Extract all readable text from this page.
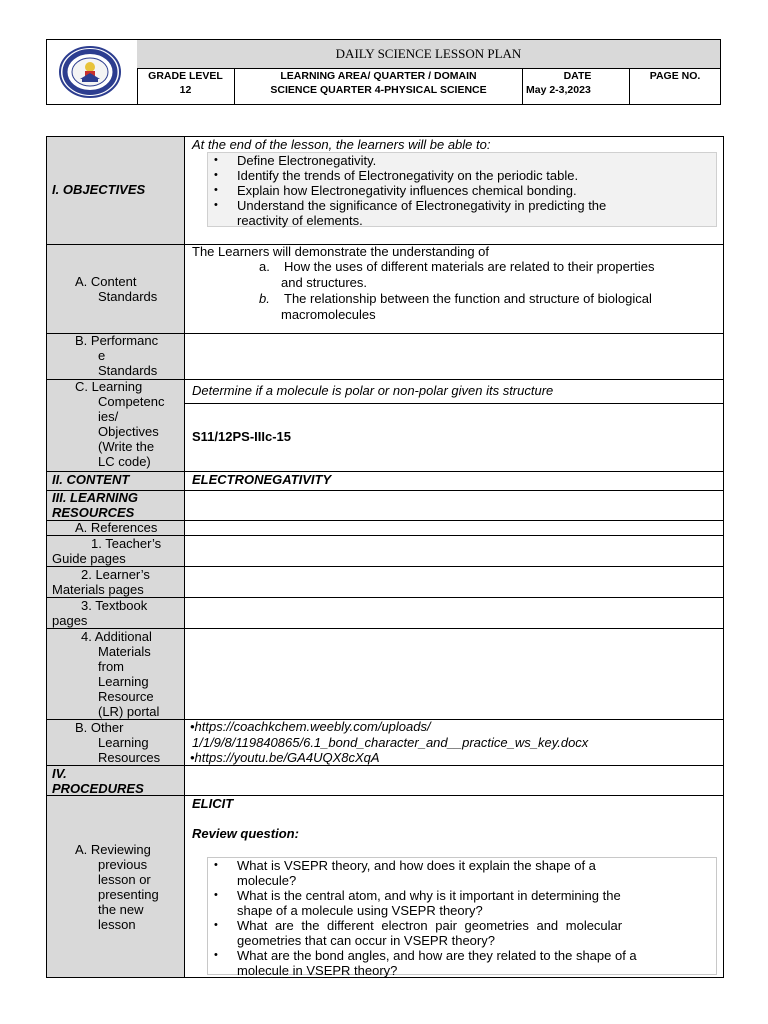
DAILY SCIENCE LESSON PLAN
GRADE LEVEL
12
LEARNING AREA/ QUARTER / DOMAIN
SCIENCE QUARTER 4-PHYSICAL SCIENCE
DATE
May 2-3,2023
PAGE NO.
I. OBJECTIVES
At the end of the lesson, the learners will be able to:
• Define Electronegativity.
• Identify the trends of Electronegativity on the periodic table.
• Explain how Electronegativity influences chemical bonding.
• Understand the significance of Electronegativity in predicting the
reactivity of elements.
A. Content
Standards
The Learners will demonstrate the understanding of
a. How the uses of different materials are related to their properties
and structures.
b. The relationship between the function and structure of biological
macromolecules
B. Performanc
e
Standards
C. Learning
Competenc
ies/
Objectives
(Write the
LC code)
Determine if a molecule is polar or non-polar given its structure
S11/12PS-IIIc-15
II. CONTENT	ELECTRONEGATIVITY
III. LEARNING
RESOURCES
A. References
1. Teacher’s
Guide pages
2. Learner’s
Materials pages
3. Textbook
pages
4. Additional
Materials
from
Learning
Resource
(LR) portal
B. Other
Learning
Resources
•https://coachkchem.weebly.com/uploads/
1/1/9/8/119840865/6.1_bond_character_and__practice_ws_key.docx
•https://youtu.be/GA4UQX8cXqA
IV.
PROCEDURES
A. Reviewing
previous
lesson or
presenting
the new
lesson
ELICIT
Review question:
• What is VSEPR theory, and how does it explain the shape of a
molecule?
• What is the central atom, and why is it important in determining the
shape of a molecule using VSEPR theory?
• What are the different electron pair geometries and molecular
geometries that can occur in VSEPR theory?
• What are the bond angles, and how are they related to the shape of a
molecule in VSEPR theory?
